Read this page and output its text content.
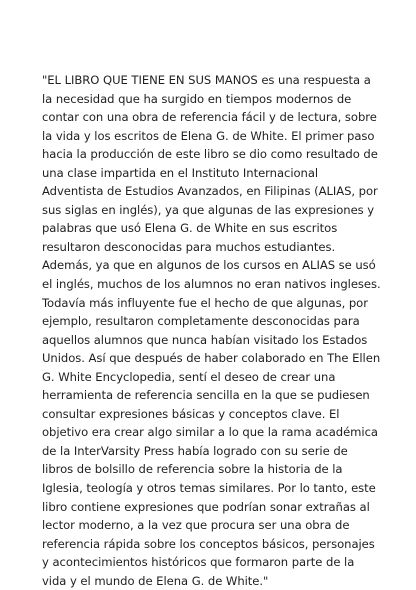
"EL LIBRO QUE TIENE EN SUS MANOS es una respuesta a
la necesidad que ha surgido en tiempos modernos de
contar con una obra de referencia fácil y de lectura, sobre
la vida y los escritos de Elena G. de White. El primer paso
hacia la producción de este libro se dio como resultado de
una clase impartida en el Instituto Internacional
Adventista de Estudios Avanzados, en Filipinas (ALIAS, por
sus siglas en inglés), ya que algunas de las expresiones y
palabras que usó Elena G. de White en sus escritos
resultaron desconocidas para muchos estudiantes.
Además, ya que en algunos de los cursos en ALIAS se usó
el inglés, muchos de los alumnos no eran nativos ingleses.
Todavía más influyente fue el hecho de que algunas, por
ejemplo, resultaron completamente desconocidas para
aquellos alumnos que nunca habían visitado los Estados
Unidos. Así que después de haber colaborado en The Ellen
G. White Encyclopedia, sentí el deseo de crear una
herramienta de referencia sencilla en la que se pudiesen
consultar expresiones básicas y conceptos clave. El
objetivo era crear algo similar a lo que la rama académica
de la InterVarsity Press había logrado con su serie de
libros de bolsillo de referencia sobre la historia de la
Iglesia, teología y otros temas similares. Por lo tanto, este
libro contiene expresiones que podrían sonar extrañas al
lector moderno, a la vez que procura ser una obra de
referencia rápida sobre los conceptos básicos, personajes
y acontecimientos históricos que formaron parte de la
vida y el mundo de Elena G. de White."
